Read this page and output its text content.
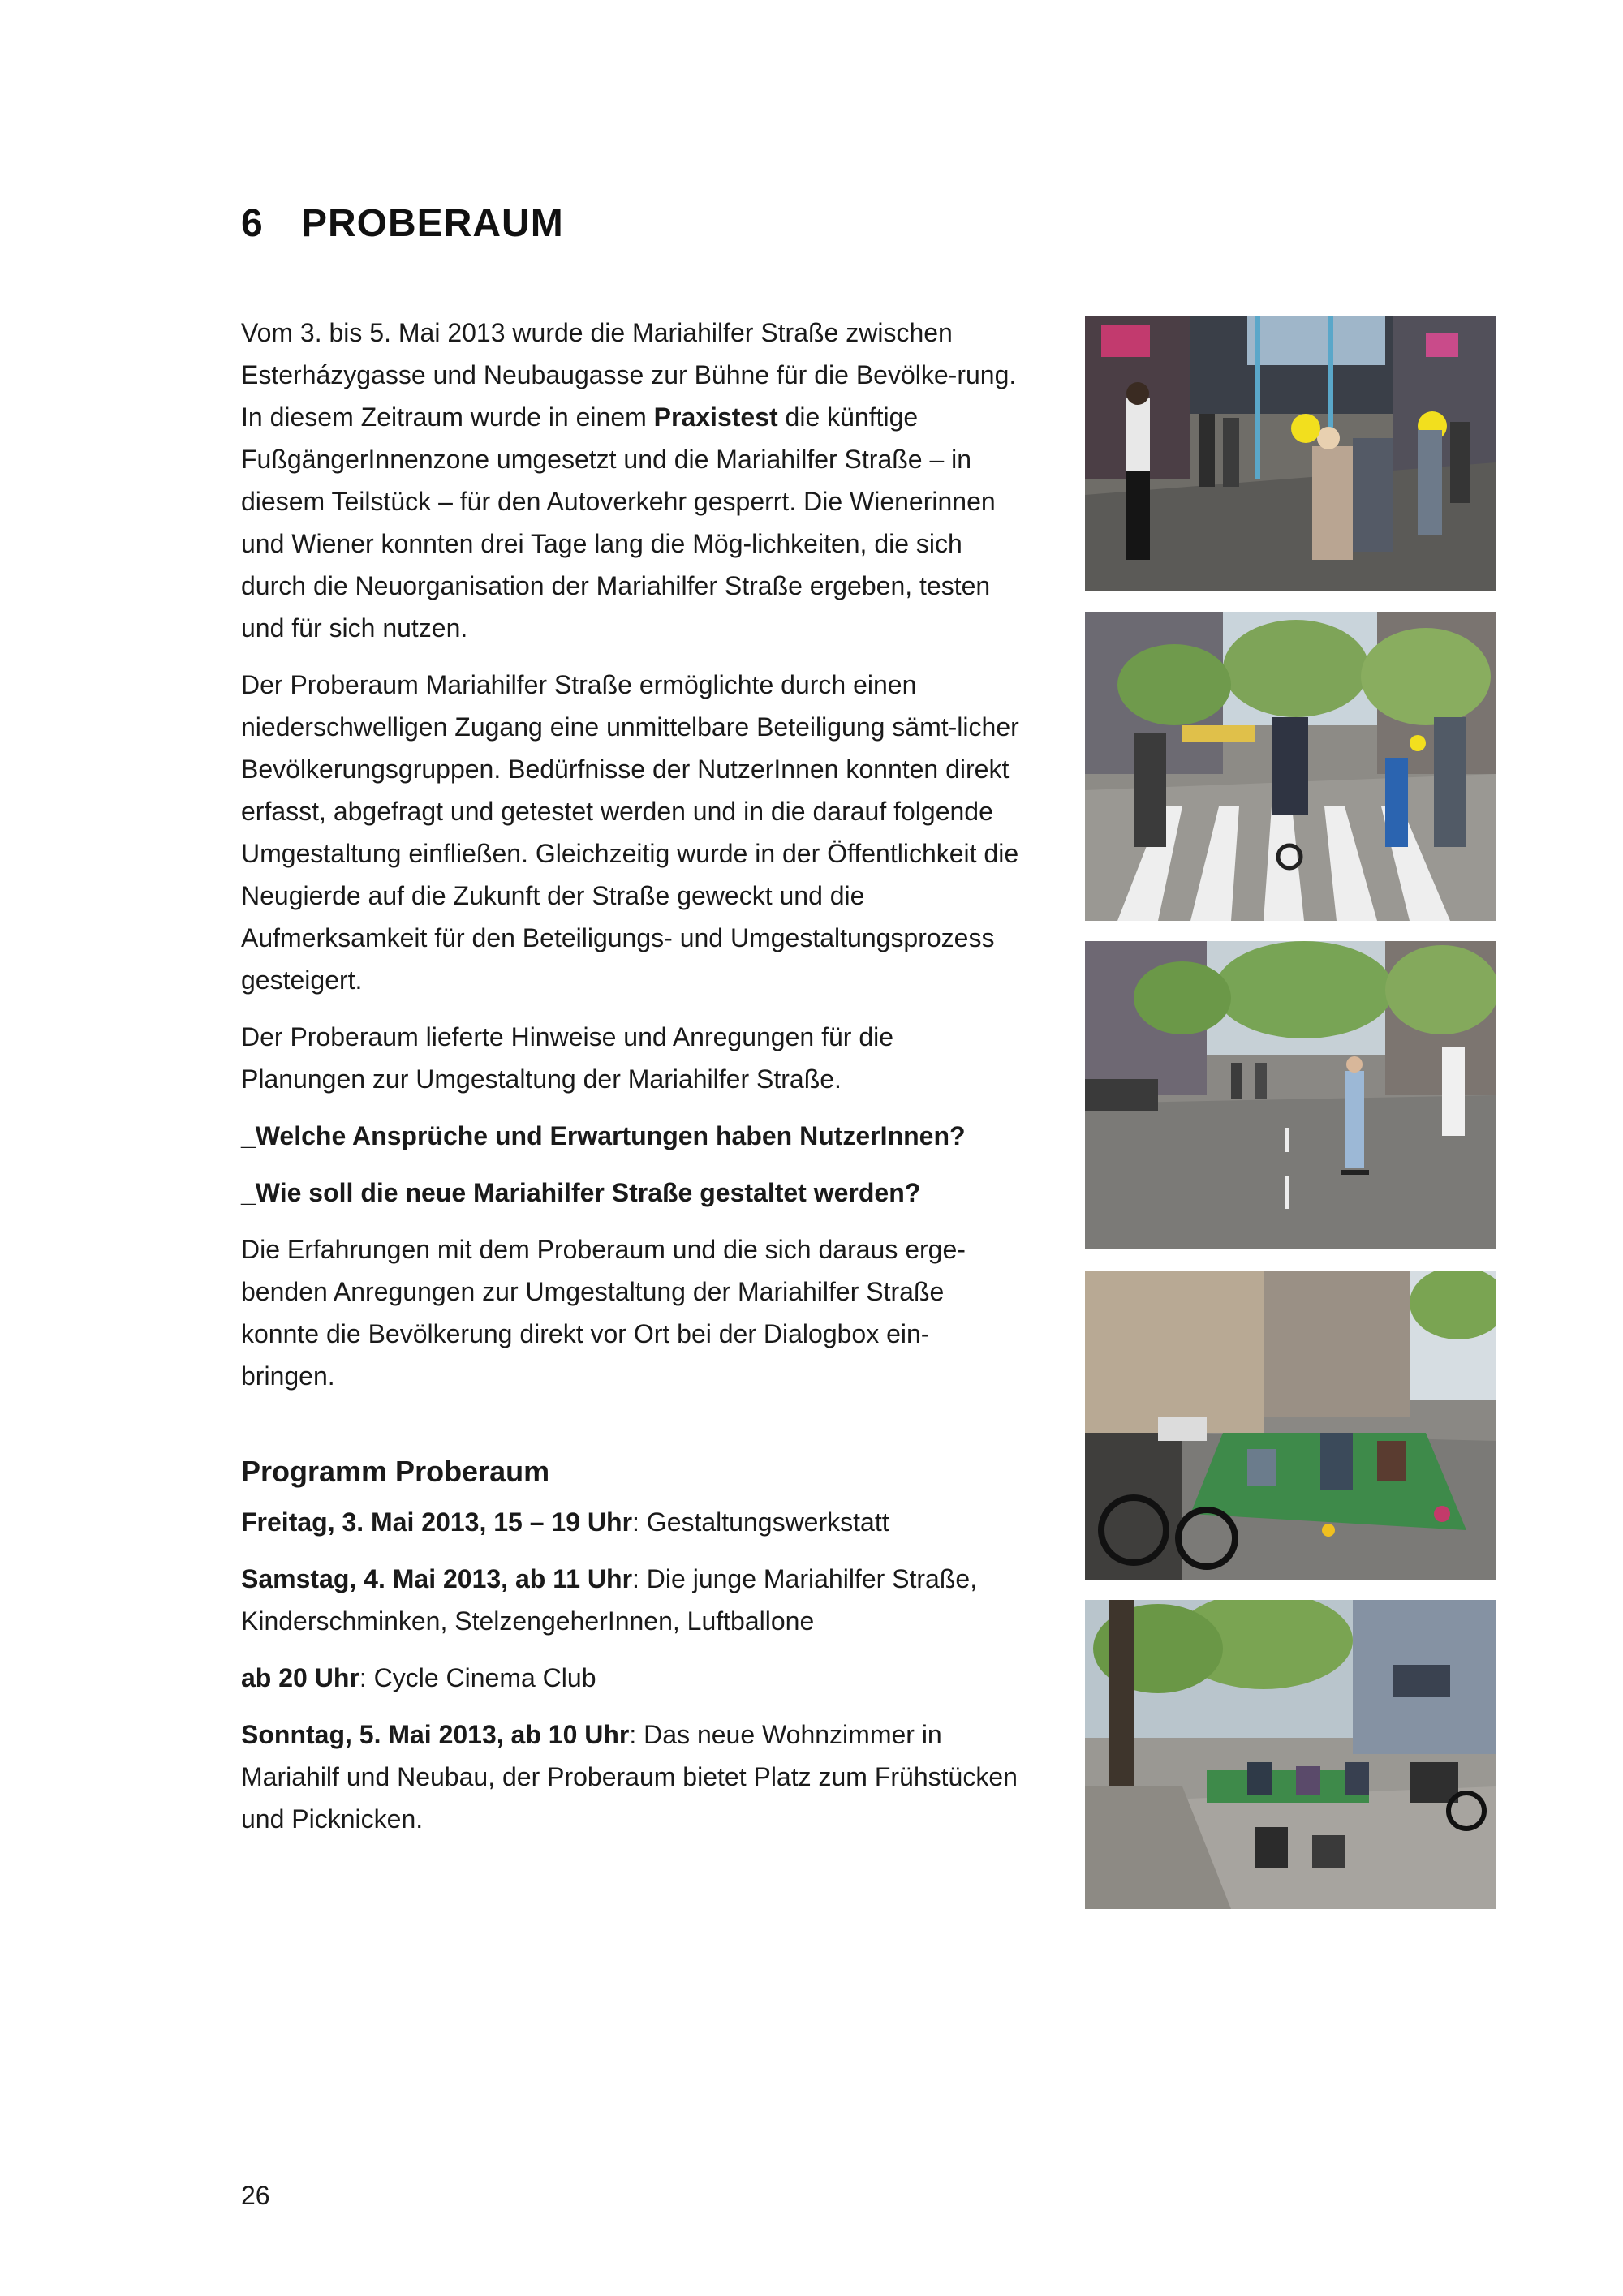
6 PROBERAUM

Vom 3. bis 5. Mai 2013 wurde die Mariahilfer Straße zwischen Esterházygasse und Neubaugasse zur Bühne für die Bevölke-rung. In diesem Zeitraum wurde in einem Praxistest die künftige FußgängerInnenzone umgesetzt und die Mariahilfer Straße – in diesem Teilstück – für den Autoverkehr gesperrt. Die Wienerinnen und Wiener konnten drei Tage lang die Mög-lichkeiten, die sich durch die Neuorganisation der Mariahilfer Straße ergeben, testen und für sich nutzen.

Der Proberaum Mariahilfer Straße ermöglichte durch einen niederschwelligen Zugang eine unmittelbare Beteiligung sämt-licher Bevölkerungsgruppen. Bedürfnisse der NutzerInnen konnten direkt erfasst, abgefragt und getestet werden und in die darauf folgende Umgestaltung einfließen. Gleichzeitig wurde in der Öffentlichkeit die Neugierde auf die Zukunft der Straße geweckt und die Aufmerksamkeit für den Beteiligungs- und Umgestaltungsprozess gesteigert.

Der Proberaum lieferte Hinweise und Anregungen für die Planungen zur Umgestaltung der Mariahilfer Straße.

_Welche Ansprüche und Erwartungen haben NutzerInnen?

_Wie soll die neue Mariahilfer Straße gestaltet werden?

Die Erfahrungen mit dem Proberaum und die sich daraus erge-benden Anregungen zur Umgestaltung der Mariahilfer Straße konnte die Bevölkerung direkt vor Ort bei der Dialogbox ein-bringen.

Programm Proberaum

Freitag, 3. Mai 2013, 15 – 19 Uhr: Gestaltungswerkstatt

Samstag, 4. Mai 2013, ab 11 Uhr: Die junge Mariahilfer Straße, Kinderschminken, StelzengeherInnen, Luftballone

ab 20 Uhr: Cycle Cinema Club

Sonntag, 5. Mai 2013, ab 10 Uhr: Das neue Wohnzimmer in Mariahilf und Neubau, der Proberaum bietet Platz zum Frühstücken und Picknicken.

26
